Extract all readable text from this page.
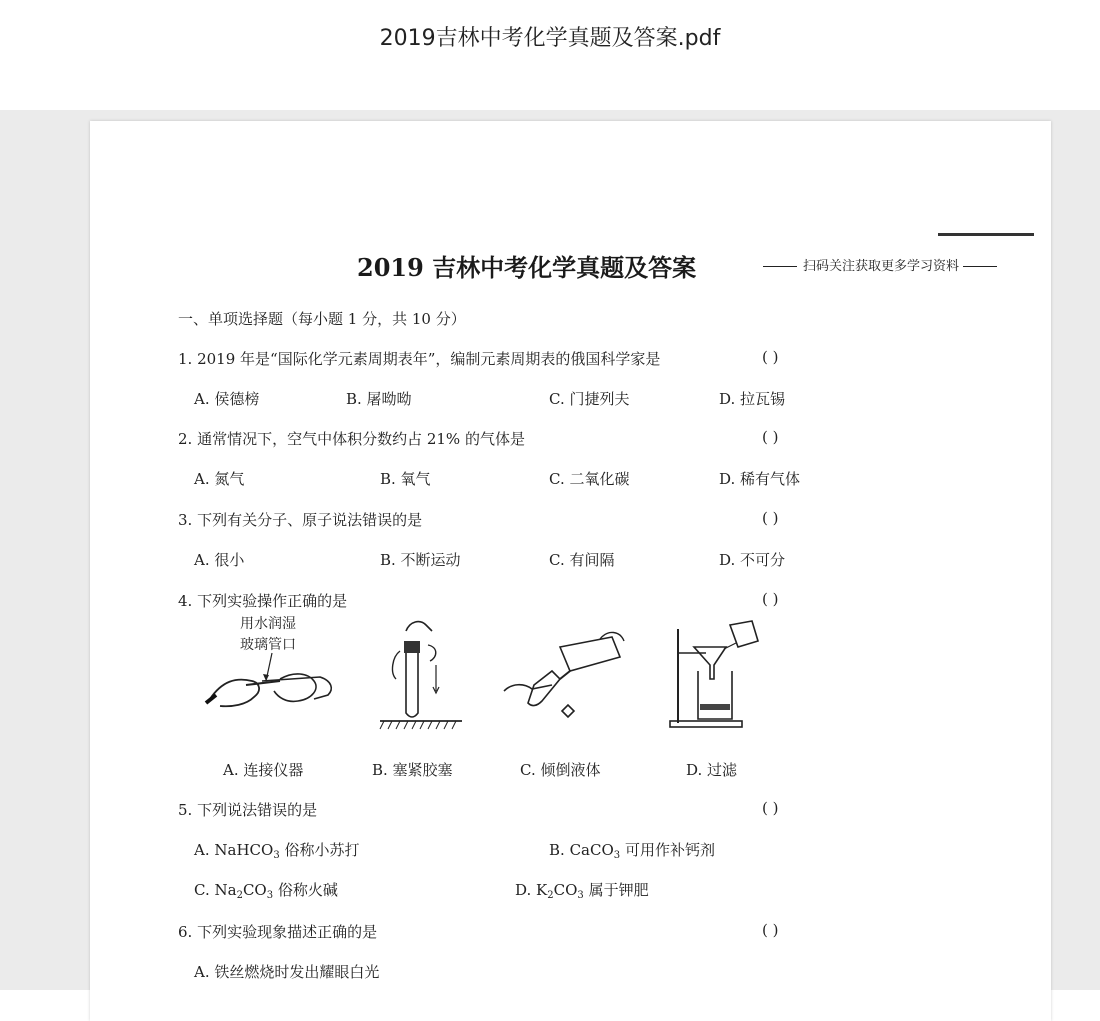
2019吉林中考化学真题及答案.pdf
2019 吉林中考化学真题及答案	扫码关注获取更多学习资料
一、单项选择题（每小题 1 分，共 10 分）
1. 2019 年是“国际化学元素周期表年”，编制元素周期表的俄国科学家是	( )
A. 侯德榜	B. 屠呦呦	C. 门捷列夫	D. 拉瓦锡
2. 通常情况下，空气中体积分数约占 21% 的气体是	( )
A. 氮气	B. 氧气	C. 二氧化碳	D. 稀有气体
3. 下列有关分子、原子说法错误的是	( )
A. 很小	B. 不断运动	C. 有间隔	D. 不可分
4. 下列实验操作正确的是	( )
用水润湿
玻璃管口
A. 连接仪器	B. 塞紧胶塞	C. 倾倒液体	D. 过滤
5. 下列说法错误的是	( )
A. NaHCO$_3$ 俗称小苏打	B. CaCO$_3$ 可用作补钙剂
C. $Na_2CO_3$ 俗称火碱	D. $K_2CO_3$ 属于钾肥
6. 下列实验现象描述正确的是	( )
A. 铁丝燃烧时发出耀眼白光
